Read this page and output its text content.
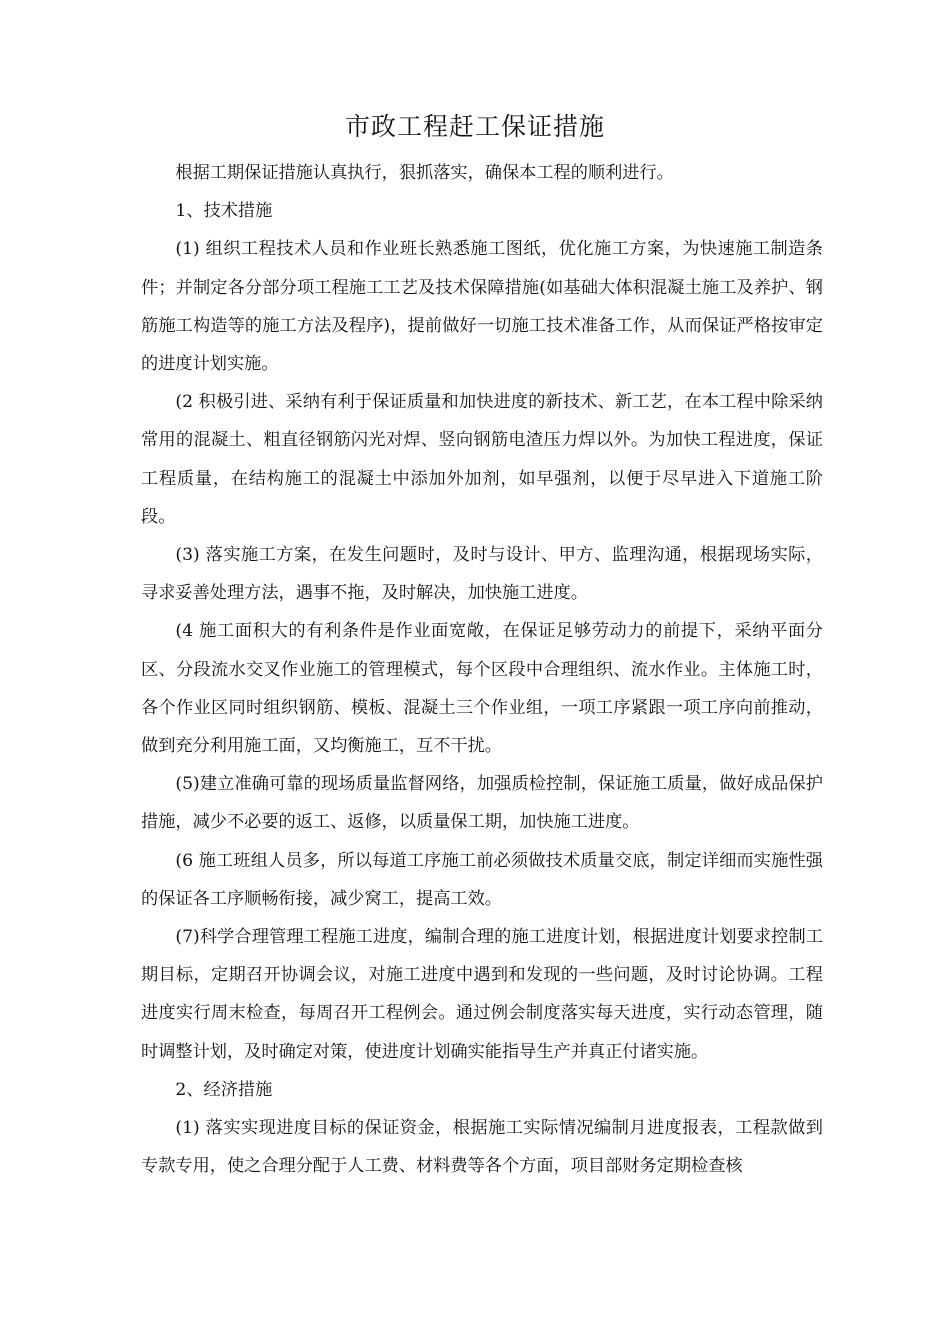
市政工程赶工保证措施

根据工期保证措施认真执行，狠抓落实，确保本工程的顺利进行。

1、技术措施

(1) 组织工程技术人员和作业班长熟悉施工图纸，优化施工方案，为快速施工制造条件；并制定各分部分项工程施工工艺及技术保障措施(如基础大体积混凝土施工及养护、钢筋施工构造等的施工方法及程序)，提前做好一切施工技术准备工作，从而保证严格按审定的进度计划实施。

(2 积极引进、采纳有利于保证质量和加快进度的新技术、新工艺，在本工程中除采纳常用的混凝土、粗直径钢筋闪光对焊、竖向钢筋电渣压力焊以外。为加快工程进度，保证工程质量，在结构施工的混凝土中添加外加剂，如早强剂，以便于尽早进入下道施工阶段。

(3) 落实施工方案，在发生问题时，及时与设计、甲方、监理沟通，根据现场实际，寻求妥善处理方法，遇事不拖，及时解决，加快施工进度。

(4 施工面积大的有利条件是作业面宽敞，在保证足够劳动力的前提下，采纳平面分区、分段流水交叉作业施工的管理模式，每个区段中合理组织、流水作业。主体施工时，各个作业区同时组织钢筋、模板、混凝土三个作业组，一项工序紧跟一项工序向前推动，做到充分利用施工面，又均衡施工，互不干扰。

(5)建立准确可靠的现场质量监督网络，加强质检控制，保证施工质量，做好成品保护措施，减少不必要的返工、返修，以质量保工期，加快施工进度。

(6 施工班组人员多，所以每道工序施工前必须做技术质量交底，制定详细而实施性强的保证各工序顺畅衔接，减少窝工，提高工效。

(7)科学合理管理工程施工进度，编制合理的施工进度计划，根据进度计划要求控制工期目标，定期召开协调会议，对施工进度中遇到和发现的一些问题，及时讨论协调。工程进度实行周末检查，每周召开工程例会。通过例会制度落实每天进度，实行动态管理，随时调整计划，及时确定对策，使进度计划确实能指导生产并真正付诸实施。

2、经济措施

(1) 落实实现进度目标的保证资金，根据施工实际情况编制月进度报表，工程款做到专款专用，使之合理分配于人工费、材料费等各个方面，项目部财务定期检查核
